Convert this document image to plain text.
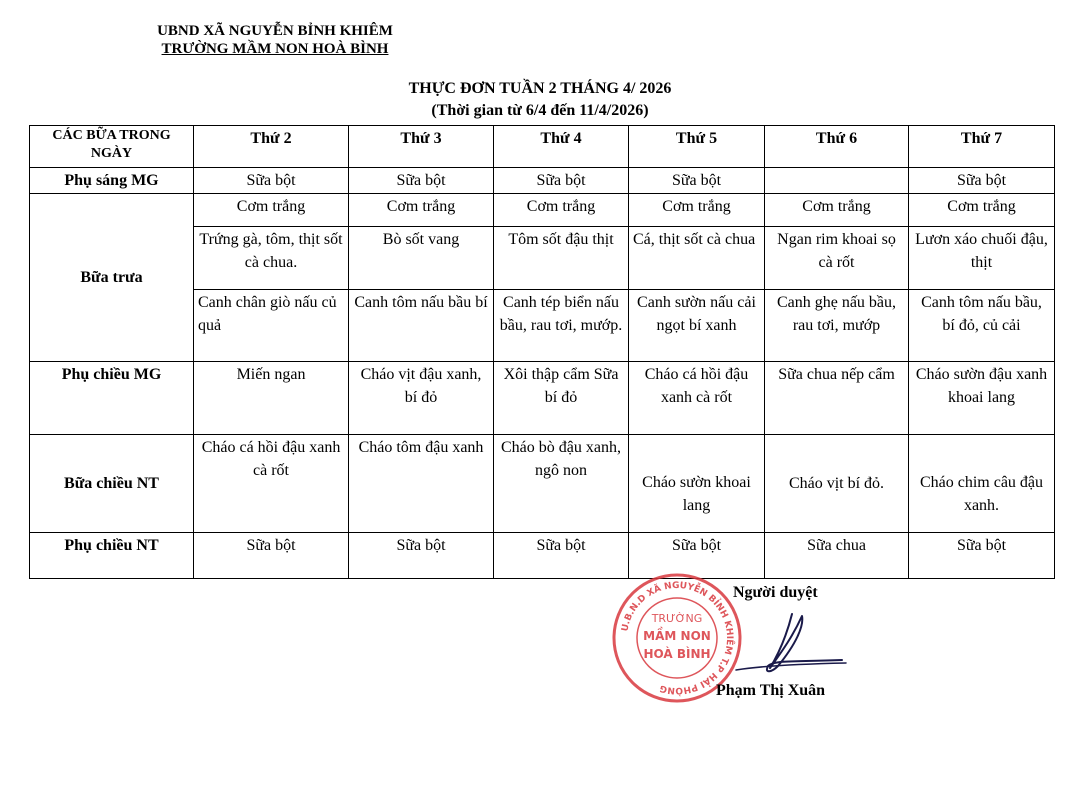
UBND XÃ NGUYỄN BỈNH KHIÊM
TRƯỜNG MẦM NON HOÀ BÌNH
THỰC ĐƠN TUẦN 2 THÁNG 4/ 2026
(Thời gian từ 6/4 đến 11/4/2026)
CÁC BỮA TRONG NGÀY	Thứ 2	Thứ 3	Thứ 4	Thứ 5	Thứ 6	Thứ 7
Phụ sáng MG	Sữa bột	Sữa bột	Sữa bột	Sữa bột		Sữa bột
Bữa trưa	Cơm trắng	Cơm trắng	Cơm trắng	Cơm trắng	Cơm trắng	Cơm trắng
	Trứng gà, tôm, thịt sốt cà chua.	Bò sốt vang	Tôm sốt đậu thịt	Cá, thịt sốt cà chua	Ngan rim khoai sọ cà rốt	Lươn xáo chuối đậu, thịt
	Canh chân giò nấu củ quả	Canh tôm nấu bầu bí	Canh tép biển nấu bầu, rau tơi, mướp.	Canh sườn nấu cải ngọt bí xanh	Canh ghẹ nấu bầu, rau tơi, mướp	Canh tôm nấu bầu, bí đỏ, củ cải
Phụ chiều MG	Miến ngan	Cháo vịt đậu xanh, bí đỏ	Xôi thập cẩm Sữa bí đỏ	Cháo cá hồi đậu xanh cà rốt	Sữa chua nếp cẩm	Cháo sườn đậu xanh khoai lang
Bữa chiều NT	Cháo cá hồi đậu xanh cà rốt	Cháo tôm đậu xanh	Cháo bò đậu xanh, ngô non	Cháo sườn khoai lang	Cháo vịt bí đỏ.	Cháo chim câu đậu xanh.
Phụ chiều NT	Sữa bột	Sữa bột	Sữa bột	Sữa bột	Sữa chua	Sữa bột
U.B.N.D XÃ NGUYỄN BỈNH KHIÊM T.P HẢI PHÒNG
TRƯỜNG
MẦM NON
HOÀ BÌNH
Người duyệt
Phạm Thị Xuân
